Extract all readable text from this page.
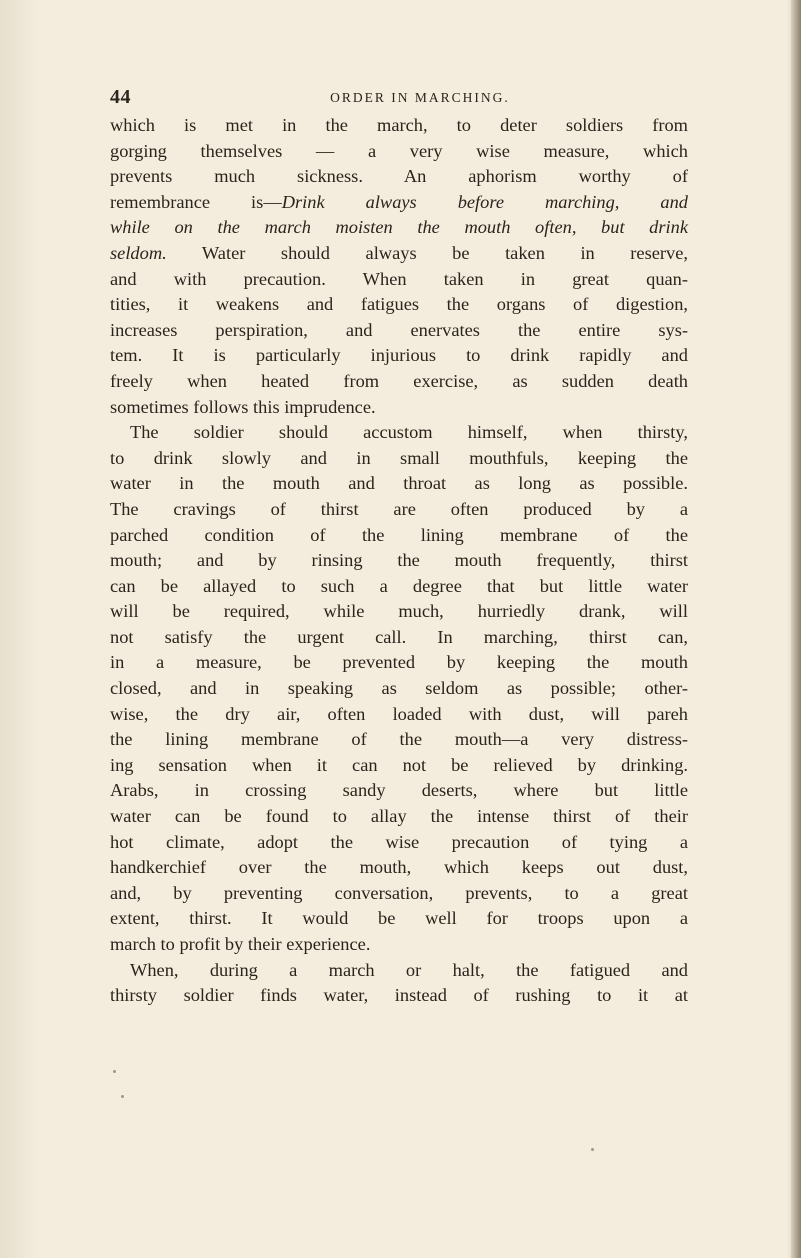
44	ORDER IN MARCHING.
which is met in the march, to deter soldiers from
gorging themselves — a very wise measure, which
prevents much sickness. An aphorism worthy of
remembrance is—Drink always before marching, and
while on the march moisten the mouth often, but drink
seldom. Water should always be taken in reserve,
and with precaution. When taken in great quan-
tities, it weakens and fatigues the organs of digestion,
increases perspiration, and enervates the entire sys-
tem. It is particularly injurious to drink rapidly and
freely when heated from exercise, as sudden death
sometimes follows this imprudence.
The soldier should accustom himself, when thirsty,
to drink slowly and in small mouthfuls, keeping the
water in the mouth and throat as long as possible.
The cravings of thirst are often produced by a
parched condition of the lining membrane of the
mouth; and by rinsing the mouth frequently, thirst
can be allayed to such a degree that but little water
will be required, while much, hurriedly drank, will
not satisfy the urgent call. In marching, thirst can,
in a measure, be prevented by keeping the mouth
closed, and in speaking as seldom as possible; other-
wise, the dry air, often loaded with dust, will pareh
the lining membrane of the mouth—a very distress-
ing sensation when it can not be relieved by drinking.
Arabs, in crossing sandy deserts, where but little
water can be found to allay the intense thirst of their
hot climate, adopt the wise precaution of tying a
handkerchief over the mouth, which keeps out dust,
and, by preventing conversation, prevents, to a great
extent, thirst. It would be well for troops upon a
march to profit by their experience.
When, during a march or halt, the fatigued and
thirsty soldier finds water, instead of rushing to it at
